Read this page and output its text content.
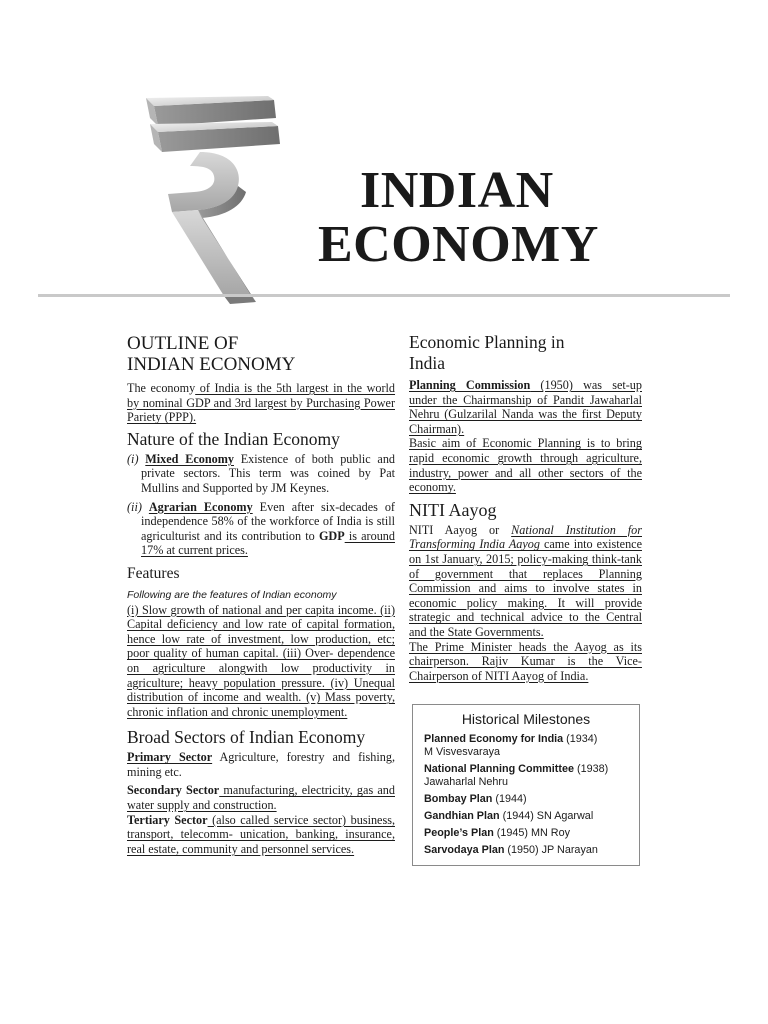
INDIAN
ECONOMY
OUTLINE OF
INDIAN ECONOMY

The economy of India is the 5th largest in the world by nominal GDP and 3rd largest by Purchasing Power Pariety (PPP).

Nature of the Indian Economy

(i) Mixed Economy Existence of both public and private sectors. This term was coined by Pat Mullins and Supported by JM Keynes.

(ii) Agrarian Economy Even after six-decades of independence 58% of the workforce of India is still agriculturist and its contribution to GDP is around 17% at current prices.

Features

Following are the features of Indian economy

(i) Slow growth of national and per capita income. (ii) Capital deficiency and low rate of capital formation, hence low rate of investment, low production, etc; poor quality of human capital. (iii) Over- dependence on agriculture alongwith low productivity in agriculture; heavy population pressure. (iv) Unequal distribution of income and wealth. (v) Mass poverty, chronic inflation and chronic unemployment.

Broad Sectors of Indian Economy

Primary Sector Agriculture, forestry and fishing, mining etc.

Secondary Sector manufacturing, electricity, gas and water supply and construction.

Tertiary Sector (also called service sector) business, transport, telecomm- unication, banking, insurance, real estate, community and personnel services.

Economic Planning in
India

Planning Commission (1950) was set-up under the Chairmanship of Pandit Jawaharlal Nehru (Gulzarilal Nanda was the first Deputy Chairman).

Basic aim of Economic Planning is to bring rapid economic growth through agriculture, industry, power and all other sectors of the economy.

NITI Aayog

NITI Aayog or National Institution for Transforming India Aayog came into existence on 1st January, 2015; policy-making think-tank of government that replaces Planning Commission and aims to involve states in economic policy making. It will provide strategic and technical advice to the Central and the State Governments.

The Prime Minister heads the Aayog as its chairperson. Rajiv Kumar is the Vice-Chairperson of NITI Aayog of India.

Historical Milestones
Planned Economy for India (1934)
M Visvesvaraya
National Planning Committee (1938)
Jawaharlal Nehru
Bombay Plan (1944)
Gandhian Plan (1944) SN Agarwal
People’s Plan (1945) MN Roy
Sarvodaya Plan (1950) JP Narayan
